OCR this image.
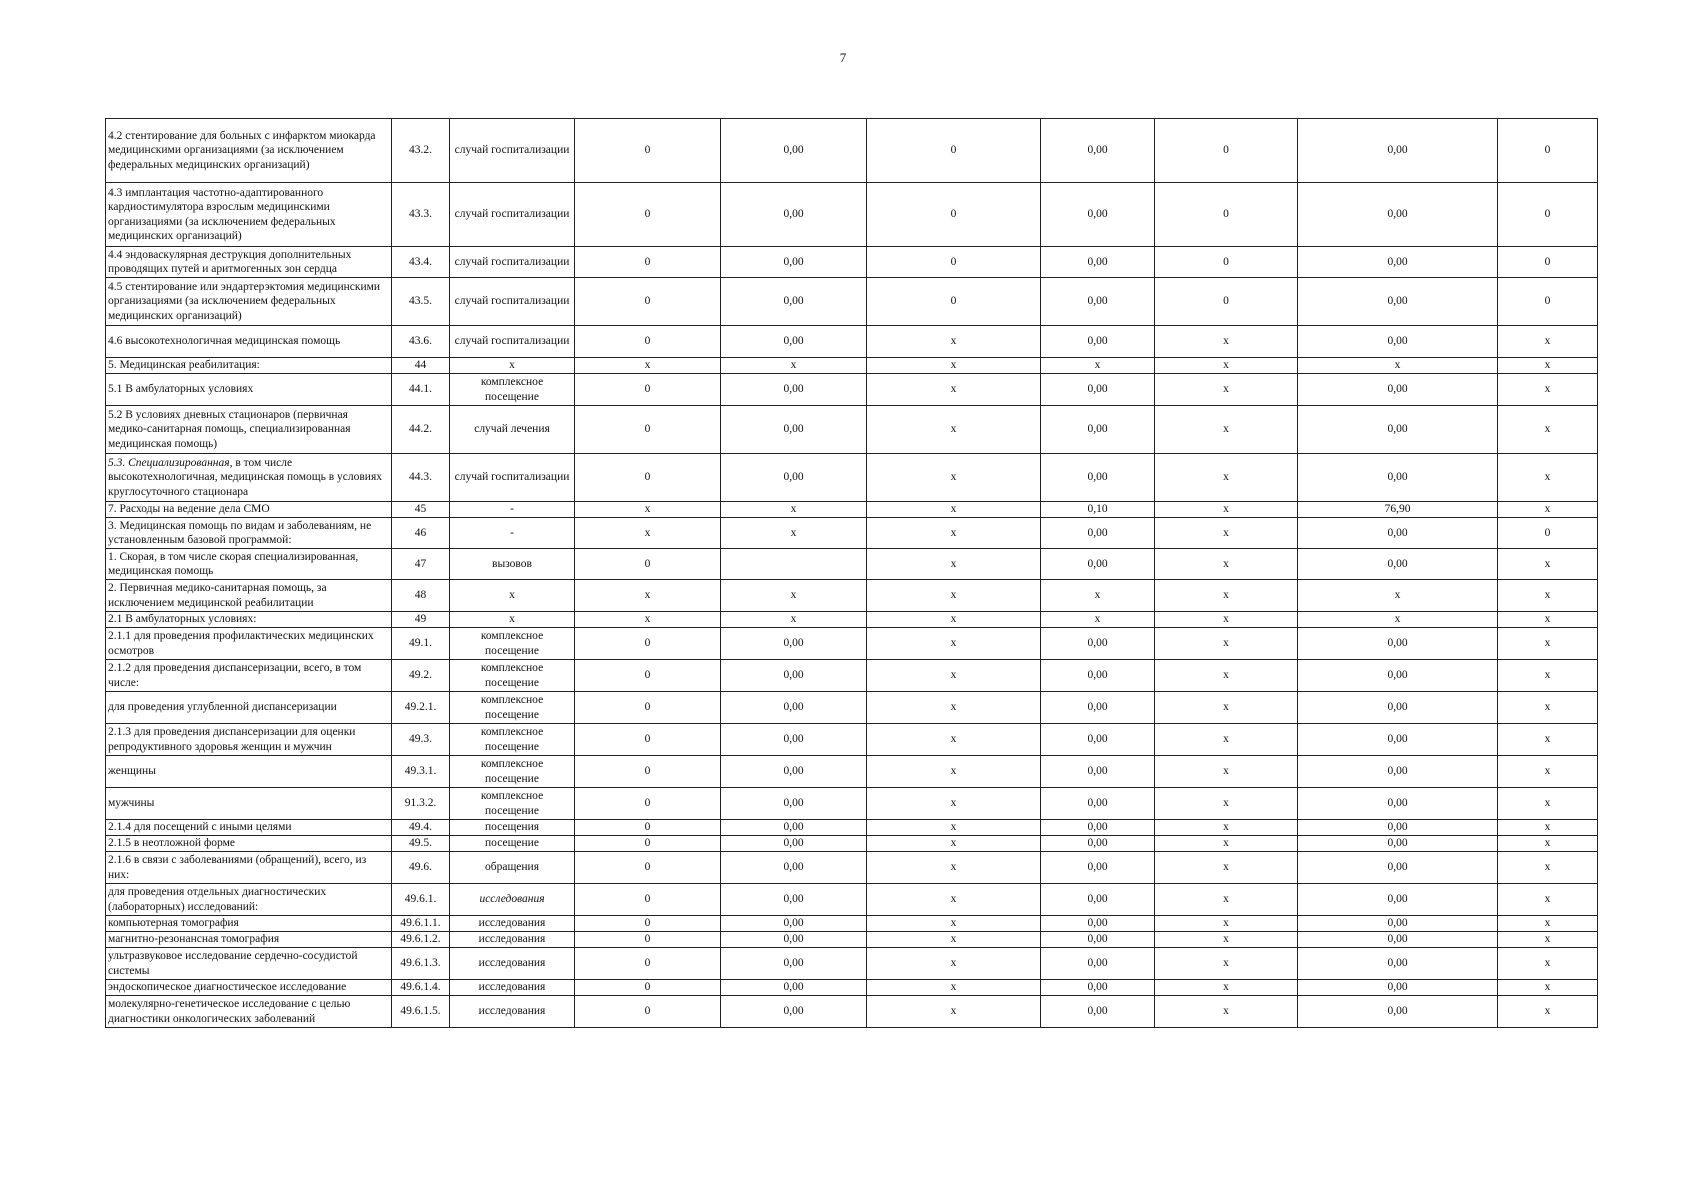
7
4.2 стентирование для больных с инфарктом миокарда медицинскими организациями (за исключением федеральных медицинских организаций)	43.2.	случай госпитализации	0	0,00	0	0,00	0	0,00	0
4.3 имплантация частотно-адаптированного кардиостимулятора взрослым медицинскими организациями (за исключением федеральных медицинских организаций)	43.3.	случай госпитализации	0	0,00	0	0,00	0	0,00	0
4.4 эндоваскулярная деструкция дополнительных проводящих путей и аритмогенных зон сердца	43.4.	случай госпитализации	0	0,00	0	0,00	0	0,00	0
4.5 стентирование или эндартерэктомия медицинскими организациями (за исключением федеральных медицинских организаций)	43.5.	случай госпитализации	0	0,00	0	0,00	0	0,00	0
4.6 высокотехнологичная медицинская помощь	43.6.	случай госпитализации	0	0,00	x	0,00	x	0,00	x
5. Медицинская реабилитация:	44	x	x	x	x	x	x	x	x
5.1 В амбулаторных условиях	44.1.	комплексное посещение	0	0,00	x	0,00	x	0,00	x
5.2 В условиях дневных стационаров (первичная медико-санитарная помощь, специализированная медицинская помощь)	44.2.	случай лечения	0	0,00	x	0,00	x	0,00	x
5.3. Специализированная, в том числе высокотехнологичная, медицинская помощь в условиях круглосуточного стационара	44.3.	случай госпитализации	0	0,00	x	0,00	x	0,00	x
7. Расходы на ведение дела СМО	45	-	x	x	x	0,10	x	76,90	x
3. Медицинская помощь по видам и заболеваниям, не установленным базовой программой:	46	-	x	x	x	0,00	x	0,00	0
1. Скорая, в том числе скорая специализированная, медицинская помощь	47	вызовов	0		x	0,00	x	0,00	x
2. Первичная медико-санитарная помощь, за исключением медицинской реабилитации	48	x	x	x	x	x	x	x	x
2.1 В амбулаторных условиях:	49	x	x	x	x	x	x	x	x
2.1.1 для проведения профилактических медицинских осмотров	49.1.	комплексное посещение	0	0,00	x	0,00	x	0,00	x
2.1.2 для проведения диспансеризации, всего, в том числе:	49.2.	комплексное посещение	0	0,00	x	0,00	x	0,00	x
для проведения углубленной диспансеризации	49.2.1.	комплексное посещение	0	0,00	x	0,00	x	0,00	x
2.1.3 для проведения диспансеризации для оценки репродуктивного здоровья женщин и мужчин	49.3.	комплексное посещение	0	0,00	x	0,00	x	0,00	x
женщины	49.3.1.	комплексное посещение	0	0,00	x	0,00	x	0,00	x
мужчины	91.3.2.	комплексное посещение	0	0,00	x	0,00	x	0,00	x
2.1.4 для посещений с иными целями	49.4.	посещения	0	0,00	x	0,00	x	0,00	x
2.1.5 в неотложной форме	49.5.	посещение	0	0,00	x	0,00	x	0,00	x
2.1.6 в связи с заболеваниями (обращений), всего, из них:	49.6.	обращения	0	0,00	x	0,00	x	0,00	x
для проведения отдельных диагностических (лабораторных) исследований:	49.6.1.	исследования	0	0,00	x	0,00	x	0,00	x
компьютерная томография	49.6.1.1.	исследования	0	0,00	x	0,00	x	0,00	x
магнитно-резонансная томография	49.6.1.2.	исследования	0	0,00	x	0,00	x	0,00	x
ультразвуковое исследование сердечно-сосудистой системы	49.6.1.3.	исследования	0	0,00	x	0,00	x	0,00	x
эндоскопическое диагностическое исследование	49.6.1.4.	исследования	0	0,00	x	0,00	x	0,00	x
молекулярно-генетическое исследование с целью диагностики онкологических заболеваний	49.6.1.5.	исследования	0	0,00	x	0,00	x	0,00	x
